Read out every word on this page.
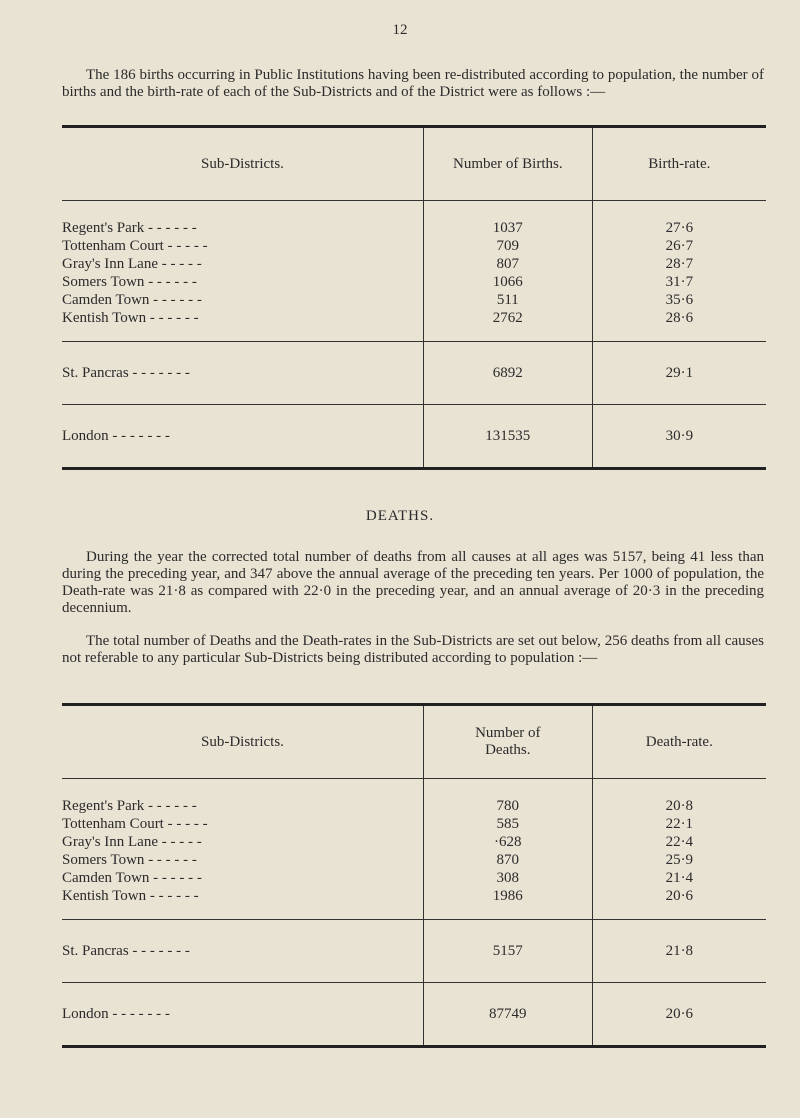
12

The 186 births occurring in Public Institutions having been re-distributed according to population, the number of births and the birth-rate of each of the Sub-Districts and of the District were as follows :—

Sub-Districts.	Number of Births.	Birth-rate.
Regent's Park - - - - - -	1037	27·6
Tottenham Court - - - - -	709	26·7
Gray's Inn Lane - - - - -	807	28·7
Somers Town - - - - - -	1066	31·7
Camden Town - - - - - -	511	35·6
Kentish Town - - - - - -	2762	28·6
St. Pancras - - - - - - -	6892	29·1
London - - - - - - -	131535	30·9
DEATHS.

During the year the corrected total number of deaths from all causes at all ages was 5157, being 41 less than during the preceding year, and 347 above the annual average of the preceding ten years. Per 1000 of population, the Death-rate was 21·8 as compared with 22·0 in the preceding year, and an annual average of 20·3 in the preceding decennium.

The total number of Deaths and the Death-rates in the Sub-Districts are set out below, 256 deaths from all causes not referable to any particular Sub-Districts being distributed according to population :—

Sub-Districts.	Number of Deaths.	Death-rate.
Regent's Park - - - - - -	780	20·8
Tottenham Court - - - - -	585	22·1
Gray's Inn Lane - - - - -	·628	22·4
Somers Town - - - - - -	870	25·9
Camden Town - - - - - -	308	21·4
Kentish Town - - - - - -	1986	20·6
St. Pancras - - - - - - -	5157	21·8
London - - - - - - -	87749	20·6
